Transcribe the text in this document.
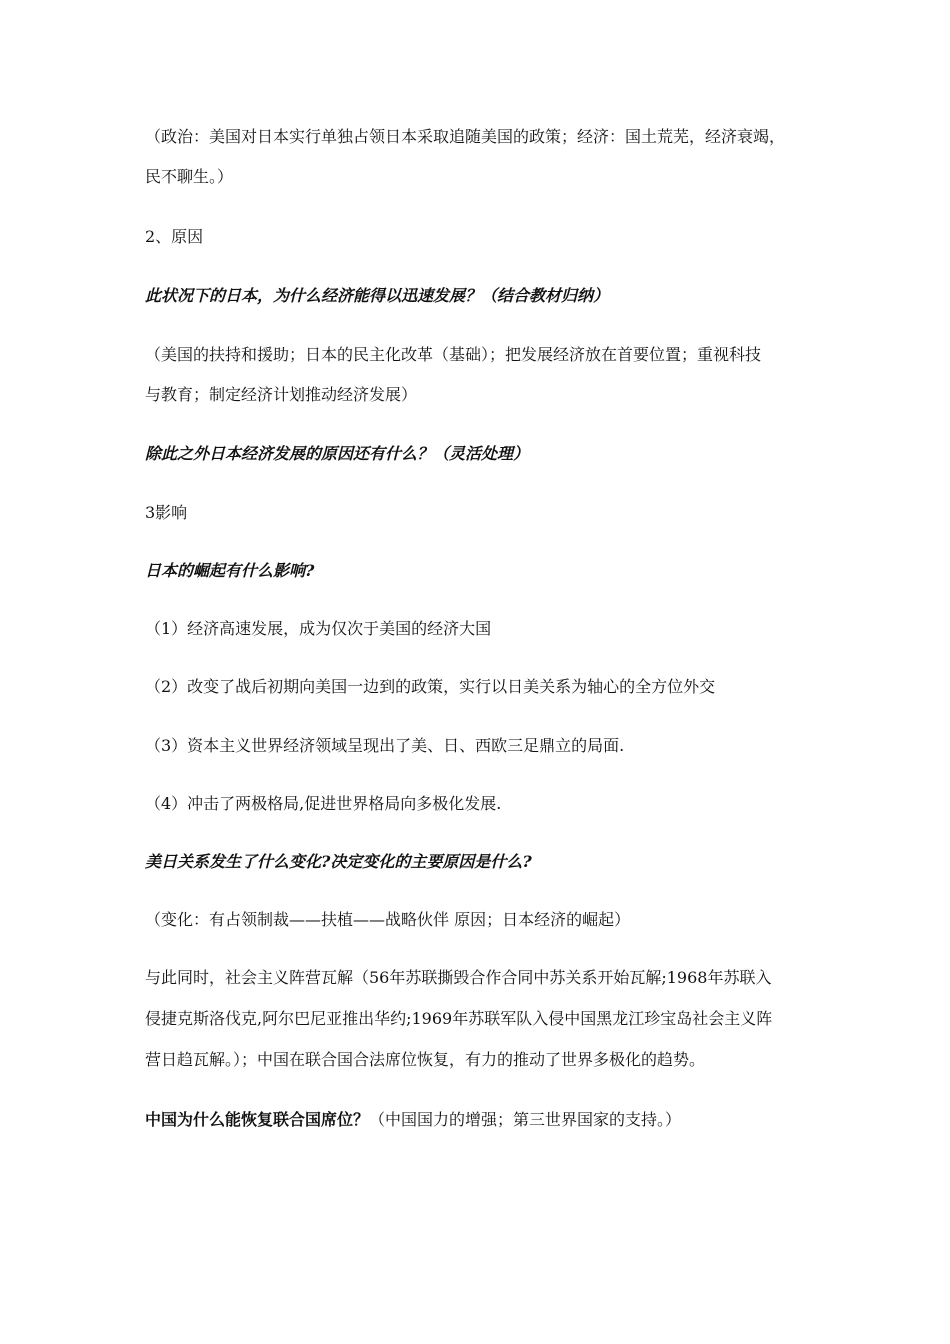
（政治：美国对日本实行单独占领日本采取追随美国的政策；经济：国土荒芜，经济衰竭，
民不聊生。）
2、原因
此状况下的日本，为什么经济能得以迅速发展？（结合教材归纳）
（美国的扶持和援助；日本的民主化改革（基础）；把发展经济放在首要位置；重视科技
与教育；制定经济计划推动经济发展）
除此之外日本经济发展的原因还有什么？（灵活处理）
3影响
日本的崛起有什么影响?
（1）经济高速发展，成为仅次于美国的经济大国
（2）改变了战后初期向美国一边到的政策，实行以日美关系为轴心的全方位外交
（3）资本主义世界经济领域呈现出了美、日、西欧三足鼎立的局面.
（4）冲击了两极格局,促进世界格局向多极化发展.
美日关系发生了什么变化?决定变化的主要原因是什么?
（变化：有占领制裁——扶植——战略伙伴 原因；日本经济的崛起）
与此同时，社会主义阵营瓦解（56年苏联撕毁合作合同中苏关系开始瓦解;1968年苏联入
侵捷克斯洛伐克,阿尔巴尼亚推出华约;1969年苏联军队入侵中国黑龙江珍宝岛社会主义阵
营日趋瓦解。）；中国在联合国合法席位恢复，有力的推动了世界多极化的趋势。
中国为什么能恢复联合国席位？（中国国力的增强；第三世界国家的支持。）
